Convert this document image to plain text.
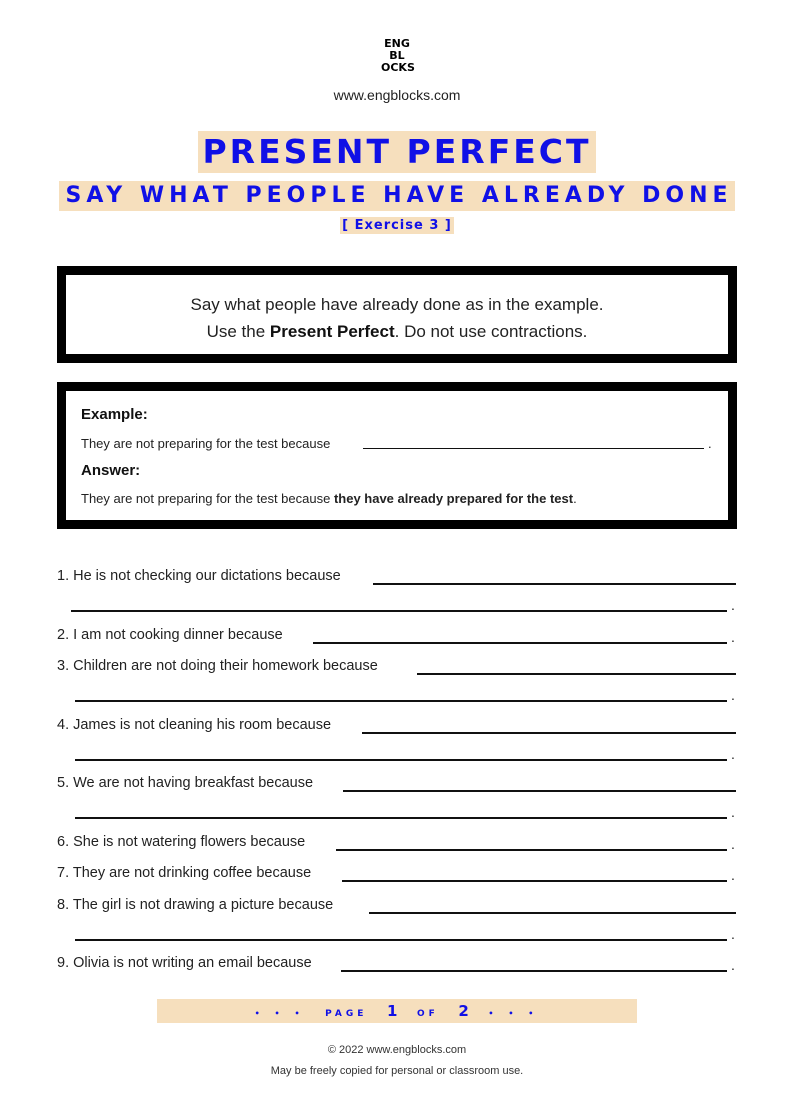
ENG
BL
OCKS
www.engblocks.com
PRESENT PERFECT
SAY WHAT PEOPLE HAVE ALREADY DONE
[ Exercise 3 ]
Say what people have already done as in the example.
Use the Present Perfect. Do not use contractions.
Example:
They are not preparing for the test because	.
Answer:
They are not preparing for the test because they have already prepared for the test.
1. He is not checking our dictations because
.
2. I am not cooking dinner because	.
3. Children are not doing their homework because
.
4. James is not cleaning his room because
.
5. We are not having breakfast because
.
6. She is not watering flowers because	.
7. They are not drinking coffee because	.
8. The girl is not drawing a picture because
.
9. Olivia is not writing an email because	.
• • • PAGE 1 OF 2 • • •
© 2022 www.engblocks.com
May be freely copied for personal or classroom use.
